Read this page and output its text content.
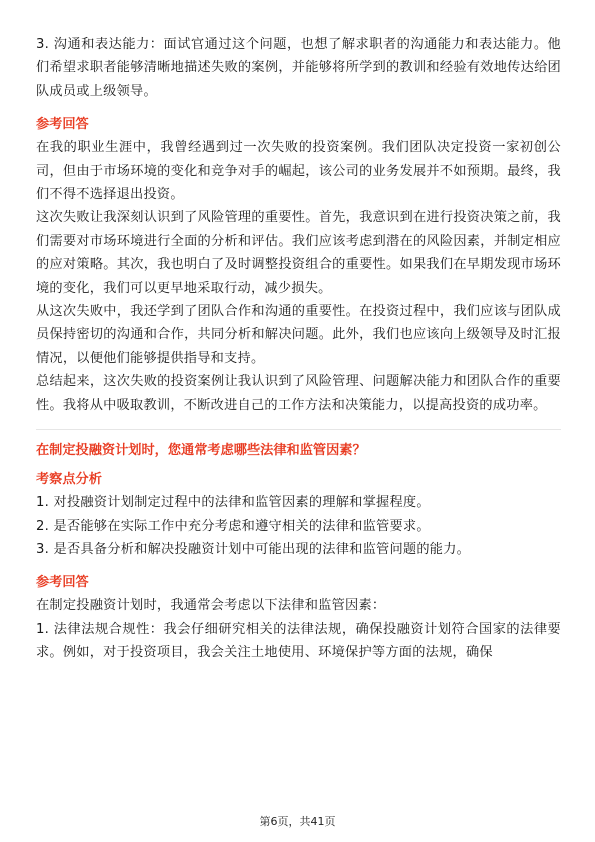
3. 沟通和表达能力：面试官通过这个问题，也想了解求职者的沟通能力和表达能力。他们希望求职者能够清晰地描述失败的案例，并能够将所学到的教训和经验有效地传达给团队成员或上级领导。

参考回答

在我的职业生涯中，我曾经遇到过一次失败的投资案例。我们团队决定投资一家初创公司，但由于市场环境的变化和竞争对手的崛起，该公司的业务发展并不如预期。最终，我们不得不选择退出投资。

这次失败让我深刻认识到了风险管理的重要性。首先，我意识到在进行投资决策之前，我们需要对市场环境进行全面的分析和评估。我们应该考虑到潜在的风险因素，并制定相应的应对策略。其次，我也明白了及时调整投资组合的重要性。如果我们在早期发现市场环境的变化，我们可以更早地采取行动，减少损失。

从这次失败中，我还学到了团队合作和沟通的重要性。在投资过程中，我们应该与团队成员保持密切的沟通和合作，共同分析和解决问题。此外，我们也应该向上级领导及时汇报情况，以便他们能够提供指导和支持。

总结起来，这次失败的投资案例让我认识到了风险管理、问题解决能力和团队合作的重要性。我将从中吸取教训，不断改进自己的工作方法和决策能力，以提高投资的成功率。

在制定投融资计划时，您通常考虑哪些法律和监管因素？
考察点分析

1. 对投融资计划制定过程中的法律和监管因素的理解和掌握程度。

2. 是否能够在实际工作中充分考虑和遵守相关的法律和监管要求。

3. 是否具备分析和解决投融资计划中可能出现的法律和监管问题的能力。

参考回答

在制定投融资计划时，我通常会考虑以下法律和监管因素：

1. 法律法规合规性：我会仔细研究相关的法律法规，确保投融资计划符合国家的法律要求。例如，对于投资项目，我会关注土地使用、环境保护等方面的法规，确保

第6页，共41页
